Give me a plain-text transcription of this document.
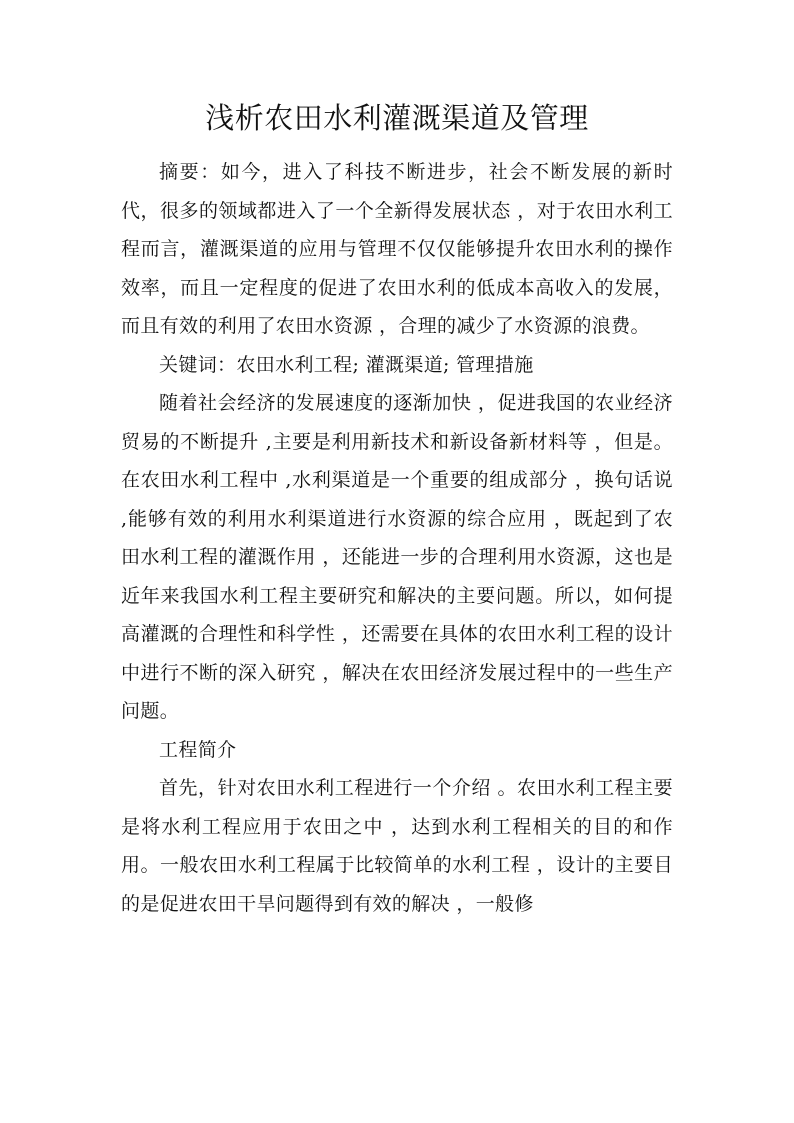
浅析农田水利灌溉渠道及管理

摘要：如今，进入了科技不断进步，社会不断发展的新时代，很多的领域都进入了一个全新得发展状态 ，对于农田水利工程而言，灌溉渠道的应用与管理不仅仅能够提升农田水利的操作效率，而且一定程度的促进了农田水利的低成本高收入的发展，而且有效的利用了农田水资源 ，合理的减少了水资源的浪费。

关键词：农田水利工程; 灌溉渠道; 管理措施

随着社会经济的发展速度的逐渐加快 ，促进我国的农业经济贸易的不断提升 ,主要是利用新技术和新设备新材料等 ，但是。在农田水利工程中 ,水利渠道是一个重要的组成部分 ，换句话说 ,能够有效的利用水利渠道进行水资源的综合应用 ，既起到了农田水利工程的灌溉作用 ，还能进一步的合理利用水资源，这也是近年来我国水利工程主要研究和解决的主要问题。所以，如何提高灌溉的合理性和科学性 ，还需要在具体的农田水利工程的设计中进行不断的深入研究 ，解决在农田经济发展过程中的一些生产问题。

工程简介

首先，针对农田水利工程进行一个介绍 。农田水利工程主要是将水利工程应用于农田之中 ，达到水利工程相关的目的和作用。一般农田水利工程属于比较简单的水利工程 ，设计的主要目的是促进农田干旱问题得到有效的解决 ，一般修
